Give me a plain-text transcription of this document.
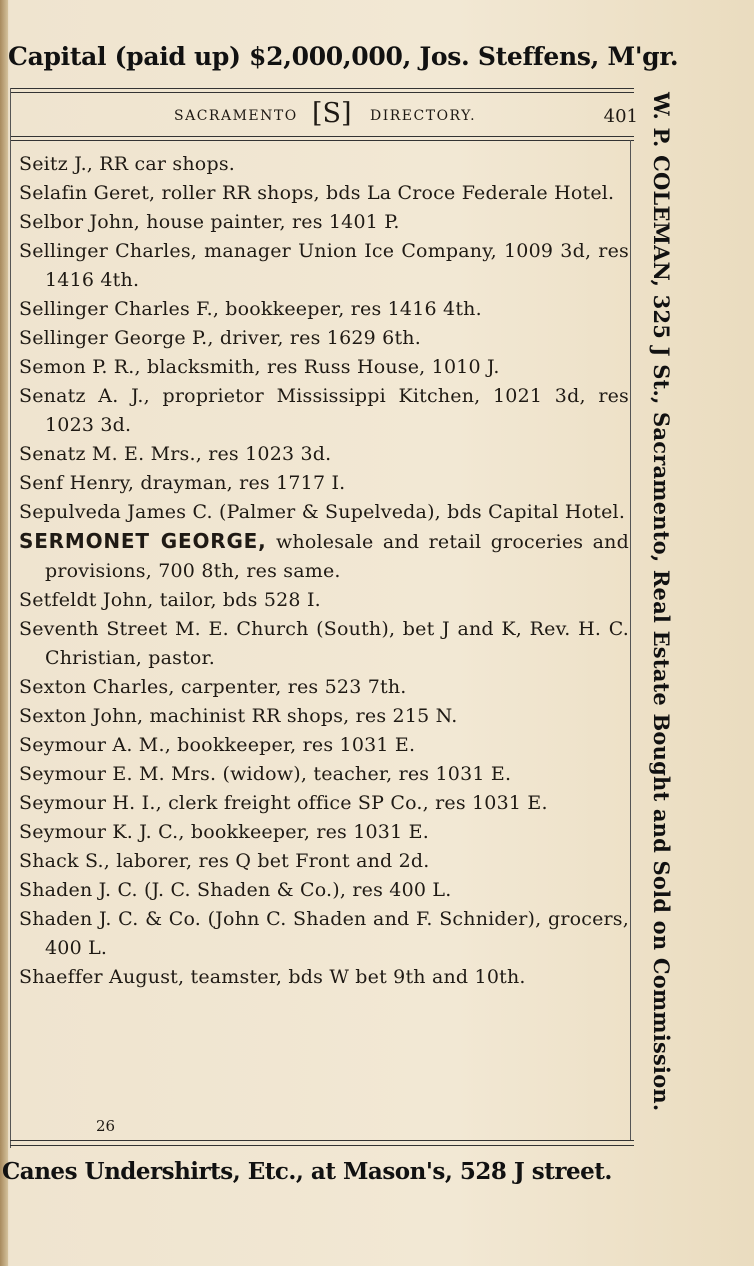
Capital (paid up) $2,000,000, Jos. Steffens, M'gr.
SACRAMENTO [S] DIRECTORY.	401
Seitz J., RR car shops.
Selafin Geret, roller RR shops, bds La Croce Federale Hotel.
Selbor John, house painter, res 1401 P.
Sellinger Charles, manager Union Ice Company, 1009 3d, res 1416 4th.
Sellinger Charles F., bookkeeper, res 1416 4th.
Sellinger George P., driver, res 1629 6th.
Semon P. R., blacksmith, res Russ House, 1010 J.
Senatz A. J., proprietor Mississippi Kitchen, 1021 3d, res 1023 3d.
Senatz M. E. Mrs., res 1023 3d.
Senf Henry, drayman, res 1717 I.
Sepulveda James C. (Palmer & Supelveda), bds Capital Hotel.
SERMONET GEORGE, wholesale and retail groceries and provisions, 700 8th, res same.
Setfeldt John, tailor, bds 528 I.
Seventh Street M. E. Church (South), bet J and K, Rev. H. C. Christian, pastor.
Sexton Charles, carpenter, res 523 7th.
Sexton John, machinist RR shops, res 215 N.
Seymour A. M., bookkeeper, res 1031 E.
Seymour E. M. Mrs. (widow), teacher, res 1031 E.
Seymour H. I., clerk freight office SP Co., res 1031 E.
Seymour K. J. C., bookkeeper, res 1031 E.
Shack S., laborer, res Q bet Front and 2d.
Shaden J. C. (J. C. Shaden & Co.), res 400 L.
Shaden J. C. & Co. (John C. Shaden and F. Schnider), grocers, 400 L.
Shaeffer August, teamster, bds W bet 9th and 10th.
26
Canes Undershirts, Etc., at Mason's, 528 J street.
W. P. COLEMAN, 325 J St., Sacramento, Real Estate Bought and Sold on Commission.
